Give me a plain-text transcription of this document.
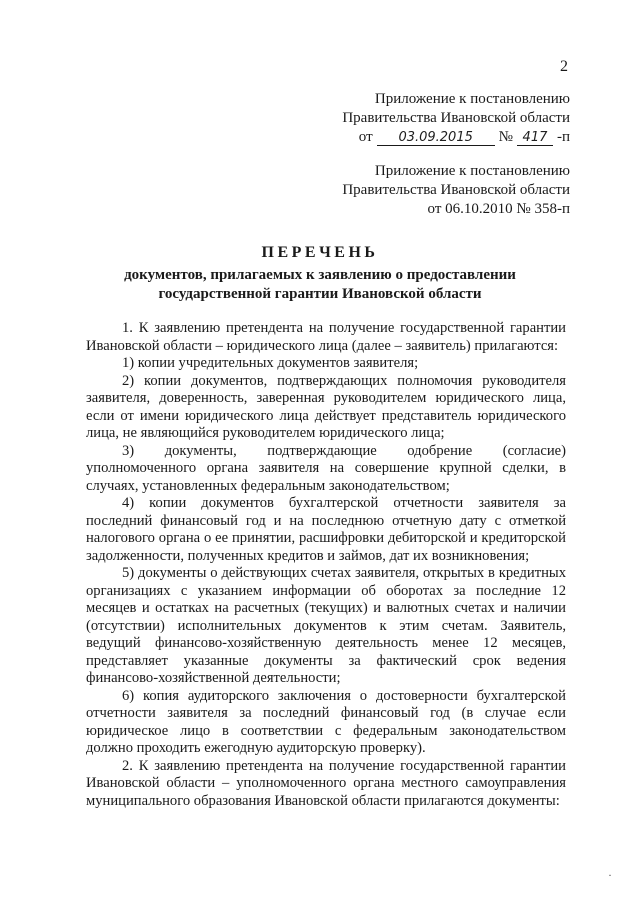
2
Приложение к постановлению
Правительства Ивановской области
от	03.09.2015	№ 417 -п
Приложение к постановлению
Правительства Ивановской области
от 06.10.2010 № 358-п
ПЕРЕЧЕНЬ
документов, прилагаемых к заявлению о предоставлении государственной гарантии Ивановской области

1. К заявлению претендента на получение государственной гарантии Ивановской области – юридического лица (далее – заявитель) прилагаются:

1) копии учредительных документов заявителя;

2) копии документов, подтверждающих полномочия руководителя заявителя, доверенность, заверенная руководителем юридического лица, если от имени юридического лица действует представитель юридического лица, не являющийся руководителем юридического лица;

3) документы, подтверждающие одобрение (согласие) уполномоченного органа заявителя на совершение крупной сделки, в случаях, установленных федеральным законодательством;

4) копии документов бухгалтерской отчетности заявителя за последний финансовый год и на последнюю отчетную дату с отметкой налогового органа о ее принятии, расшифровки дебиторской и кредиторской задолженности, полученных кредитов и займов, дат их возникновения;

5) документы о действующих счетах заявителя, открытых в кредитных организациях с указанием информации об оборотах за последние 12 месяцев и остатках на расчетных (текущих) и валютных счетах и наличии (отсутствии) исполнительных документов к этим счетам. Заявитель, ведущий финансово-хозяйственную деятельность менее 12 месяцев, представляет указанные документы за фактический срок ведения финансово-хозяйственной деятельности;

6) копия аудиторского заключения о достоверности бухгалтерской отчетности заявителя за последний финансовый год (в случае если юридическое лицо в соответствии с федеральным законодательством должно проходить ежегодную аудиторскую проверку).

2. К заявлению претендента на получение государственной гарантии Ивановской области – уполномоченного органа местного самоуправления муниципального образования Ивановской области прилагаются документы:

·
